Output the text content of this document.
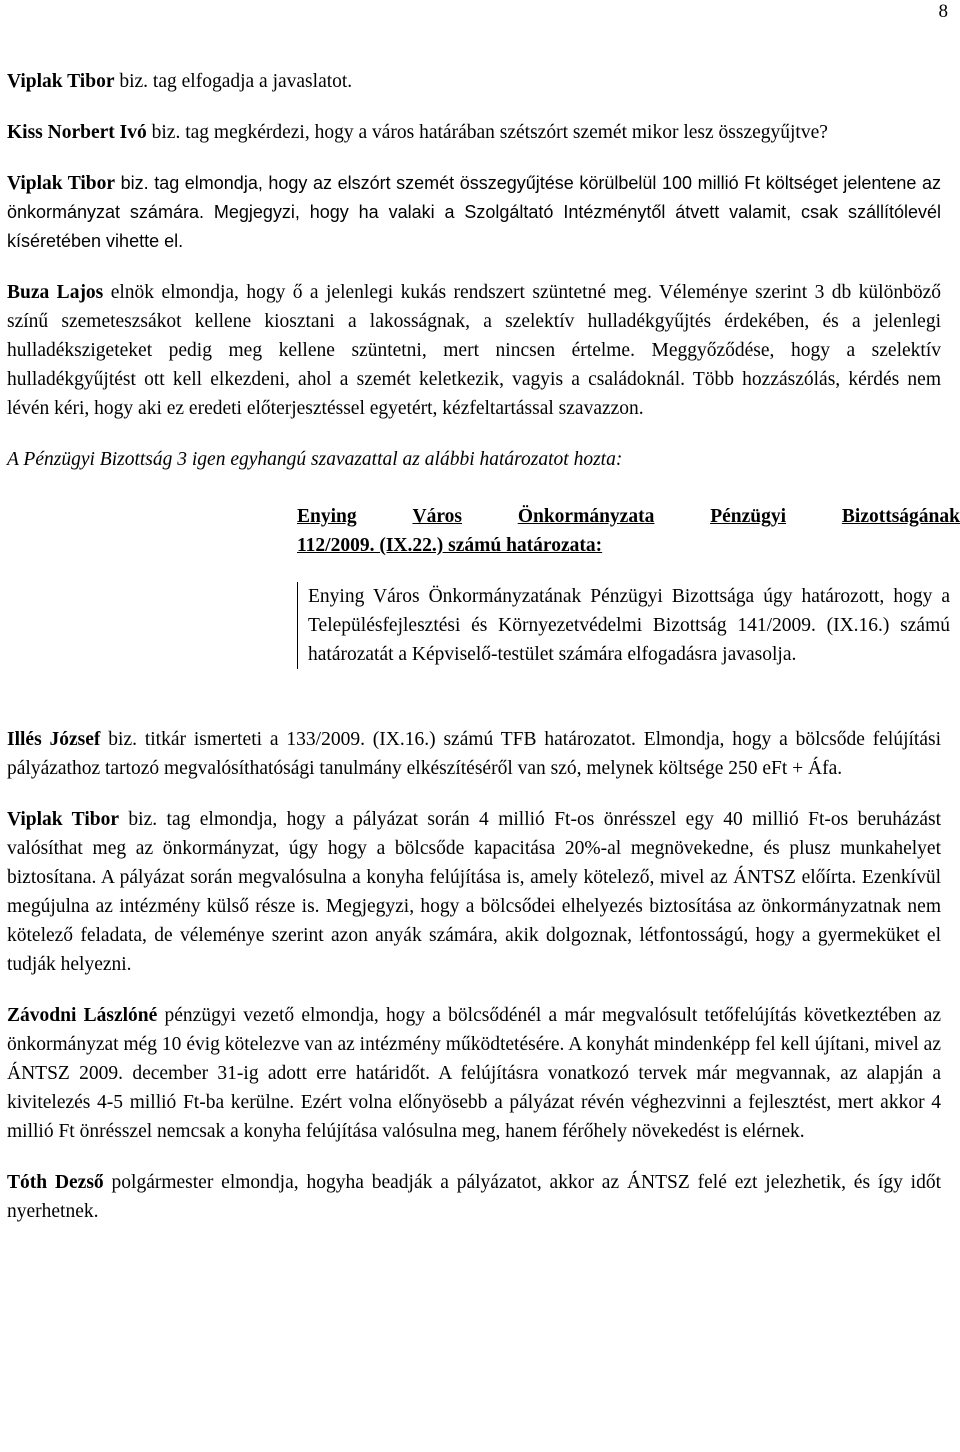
8

Viplak Tibor biz. tag elfogadja a javaslatot.

Kiss Norbert Ivó biz. tag megkérdezi, hogy a város határában szétszórt szemét mikor lesz összegyűjtve?

Viplak Tibor biz. tag elmondja, hogy az elszórt szemét összegyűjtése körülbelül 100 millió Ft költséget jelentene az önkormányzat számára. Megjegyzi, hogy ha valaki a Szolgáltató Intézménytől átvett valamit, csak szállítólevél kíséretében vihette el.

Buza Lajos elnök elmondja, hogy ő a jelenlegi kukás rendszert szüntetné meg. Véleménye szerint 3 db különböző színű szemeteszsákot kellene kiosztani a lakosságnak, a szelektív hulladékgyűjtés érdekében, és a jelenlegi hulladékszigeteket pedig meg kellene szüntetni, mert nincsen értelme. Meggyőződése, hogy a szelektív hulladékgyűjtést ott kell elkezdeni, ahol a szemét keletkezik, vagyis a családoknál. Több hozzászólás, kérdés nem lévén kéri, hogy aki ez eredeti előterjesztéssel egyetért, kézfeltartással szavazzon.

A Pénzügyi Bizottság 3 igen egyhangú szavazattal az alábbi határozatot hozta:

Enying	Város	Önkormányzata	Pénzügyi	Bizottságának
112/2009. (IX.22.) számú határozata:
Enying Város Önkormányzatának Pénzügyi Bizottsága úgy határozott, hogy a Településfejlesztési és Környezetvédelmi Bizottság 141/2009. (IX.16.) számú határozatát a Képviselő-testület számára elfogadásra javasolja.

Illés József biz. titkár ismerteti a 133/2009. (IX.16.) számú TFB határozatot. Elmondja, hogy a bölcsőde felújítási pályázathoz tartozó megvalósíthatósági tanulmány elkészítéséről van szó, melynek költsége 250 eFt + Áfa.

Viplak Tibor biz. tag elmondja, hogy a pályázat során 4 millió Ft-os önrésszel egy 40 millió Ft-os beruházást valósíthat meg az önkormányzat, úgy hogy a bölcsőde kapacitása 20%-al megnövekedne, és plusz munkahelyet biztosítana. A pályázat során megvalósulna a konyha felújítása is, amely kötelező, mivel az ÁNTSZ előírta. Ezenkívül megújulna az intézmény külső része is. Megjegyzi, hogy a bölcsődei elhelyezés biztosítása az önkormányzatnak nem kötelező feladata, de véleménye szerint azon anyák számára, akik dolgoznak, létfontosságú, hogy a gyermeküket el tudják helyezni.

Závodni Lászlóné pénzügyi vezető elmondja, hogy a bölcsődénél a már megvalósult tetőfelújítás következtében az önkormányzat még 10 évig kötelezve van az intézmény működtetésére. A konyhát mindenképp fel kell újítani, mivel az ÁNTSZ 2009. december 31-ig adott erre határidőt. A felújításra vonatkozó tervek már megvannak, az alapján a kivitelezés 4-5 millió Ft-ba kerülne. Ezért volna előnyösebb a pályázat révén véghezvinni a fejlesztést, mert akkor 4 millió Ft önrésszel nemcsak a konyha felújítása valósulna meg, hanem férőhely növekedést is elérnek.

Tóth Dezső polgármester elmondja, hogyha beadják a pályázatot, akkor az ÁNTSZ felé ezt jelezhetik, és így időt nyerhetnek.
